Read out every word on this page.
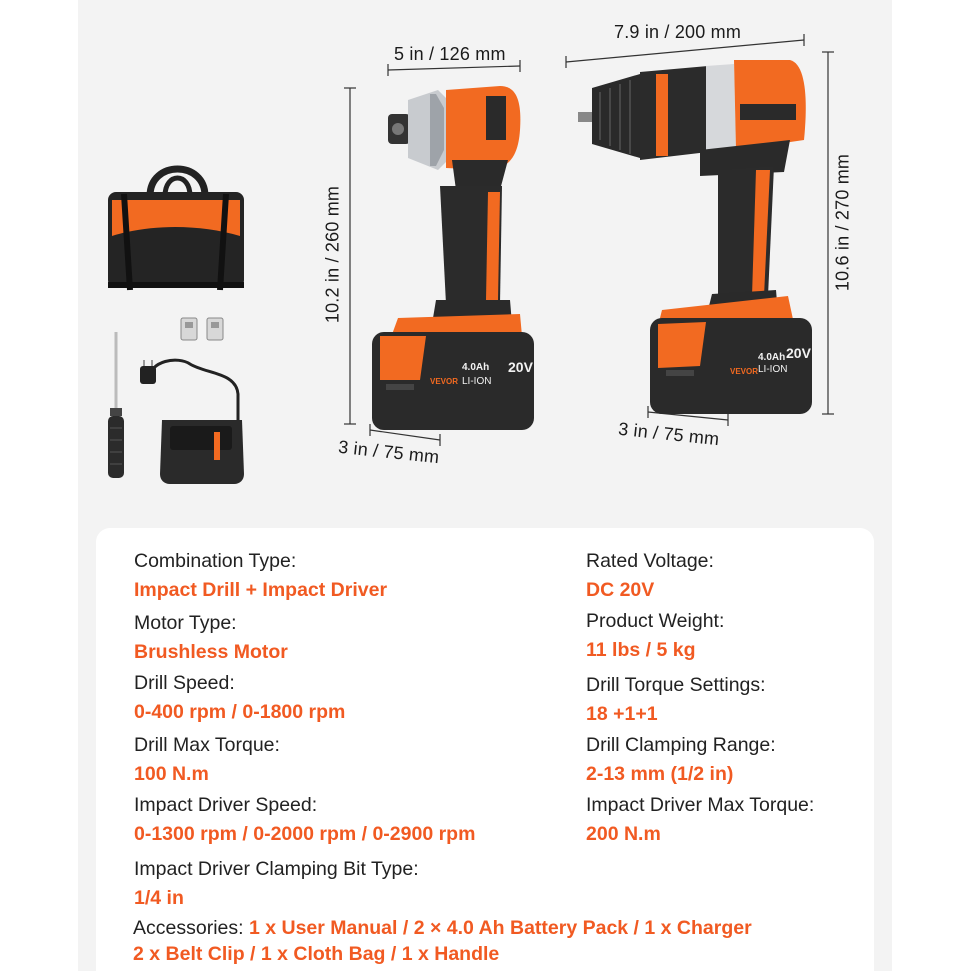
4.0Ah 20V
LI-ION
VEVOR
4.0Ah 20V
LI-ION
VEVOR
5 in / 126 mm
7.9 in / 200 mm
10.2 in / 260 mm	10.6 in / 270 mm
3 in / 75 mm
3 in / 75 mm
Combination Type:
Impact Drill + Impact Driver
Motor Type:
Brushless Motor
Drill Speed:
0-400 rpm / 0-1800 rpm
Drill Max Torque:
100 N.m
Impact Driver Speed:
0-1300 rpm / 0-2000 rpm / 0-2900 rpm
Impact Driver Clamping Bit Type:
1/4 in
Rated Voltage:
DC 20V
Product Weight:
11 lbs / 5 kg
Drill Torque Settings:
18 +1+1
Drill Clamping Range:
2-13 mm (1/2 in)
Impact Driver Max Torque:
200 N.m
Accessories: 1 x User Manual / 2 × 4.0 Ah Battery Pack / 1 x Charger
2 x Belt Clip / 1 x Cloth Bag / 1 x Handle
